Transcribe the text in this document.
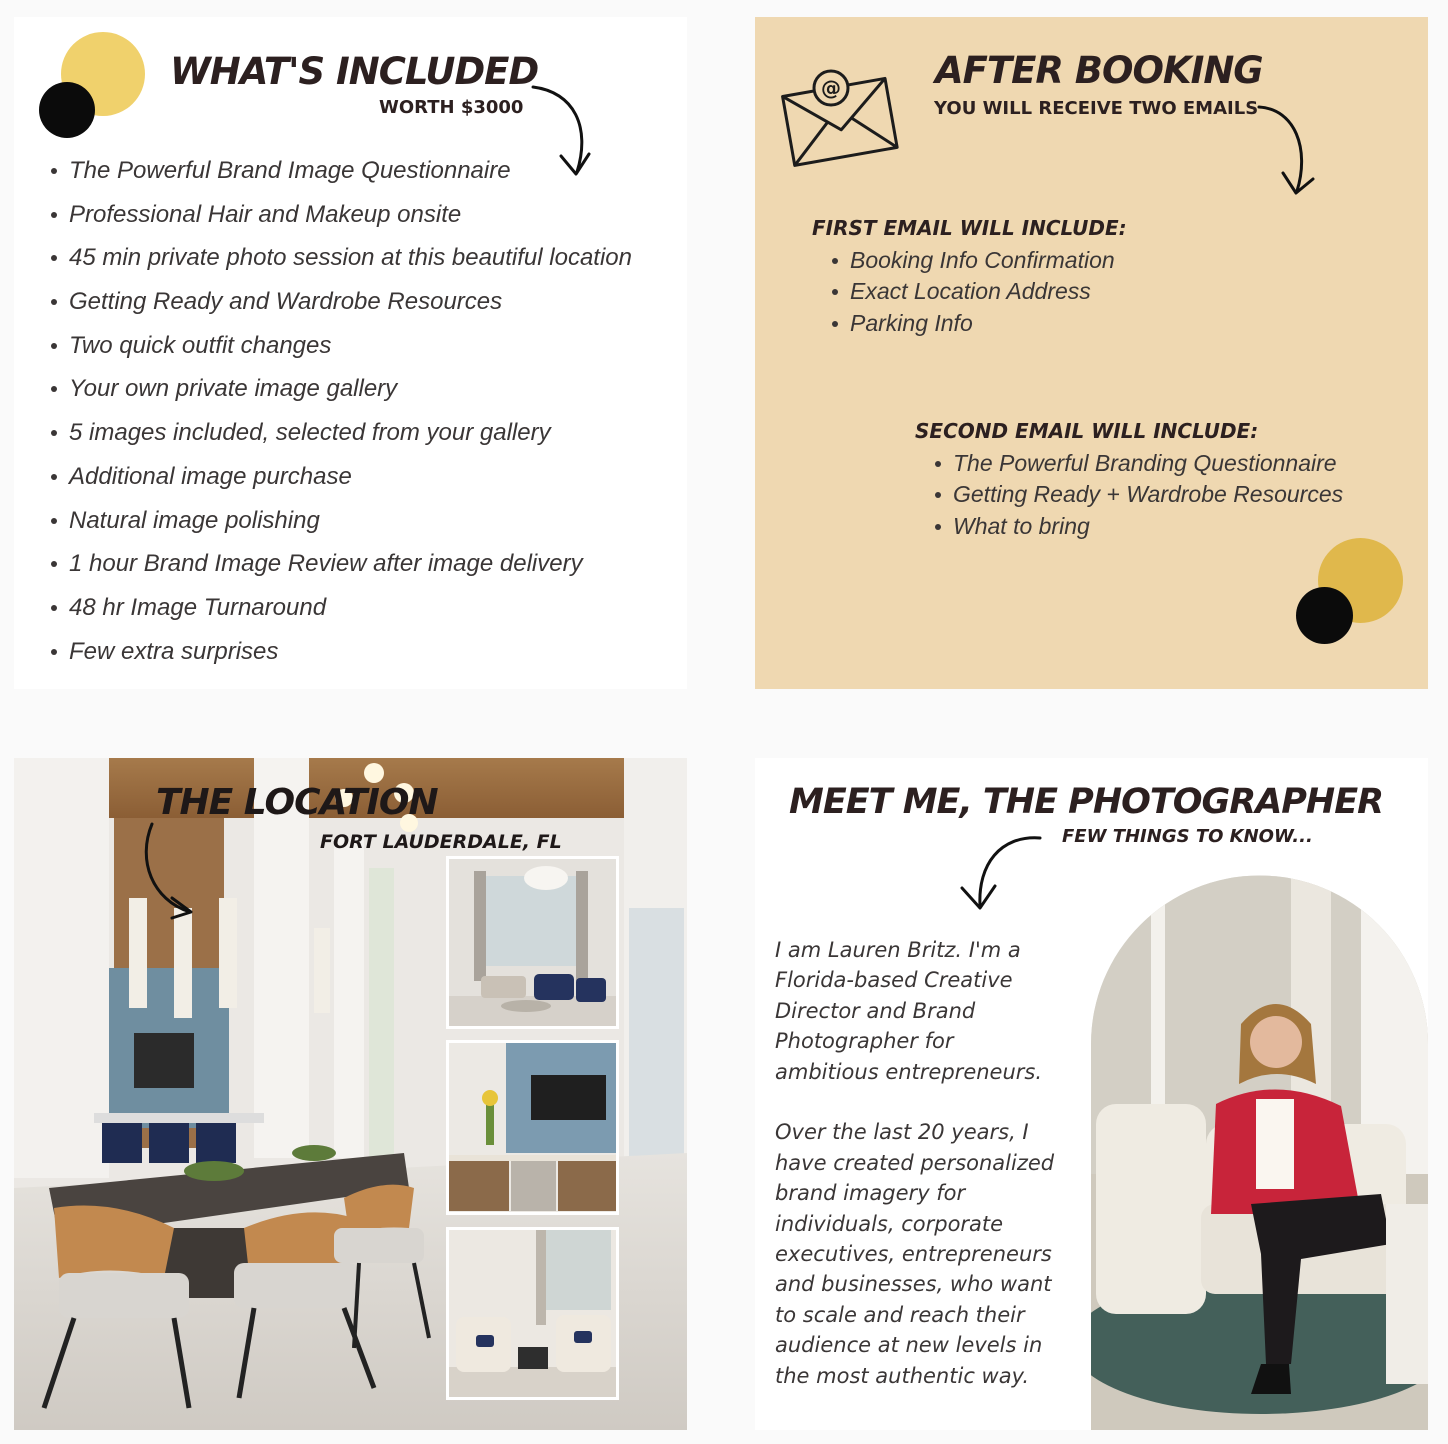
WHAT'S INCLUDED
WORTH $3000
The Powerful Brand Image Questionnaire
Professional Hair and Makeup onsite
45 min private photo session at this beautiful location
Getting Ready and Wardrobe Resources
Two quick outfit changes
Your own private image gallery
5 images included, selected from your gallery
Additional image purchase
Natural image polishing
1 hour Brand Image Review after image delivery
48 hr Image Turnaround
Few extra surprises
@	AFTER BOOKING
YOU WILL RECEIVE TWO EMAILS
FIRST EMAIL WILL INCLUDE:
Booking Info Confirmation
Exact Location Address
Parking Info
SECOND EMAIL WILL INCLUDE:
The Powerful Branding Questionnaire
Getting Ready + Wardrobe Resources
What to bring
THE LOCATION
FORT LAUDERDALE, FL
MEET ME, THE PHOTOGRAPHER
FEW THINGS TO KNOW...
I am Lauren Britz. I'm a
Florida-based Creative
Director and Brand
Photographer for
ambitious entrepreneurs.
Over the last 20 years, I
have created personalized
brand imagery for
individuals, corporate
executives, entrepreneurs
and businesses, who want
to scale and reach their
audience at new levels in
the most authentic way.
